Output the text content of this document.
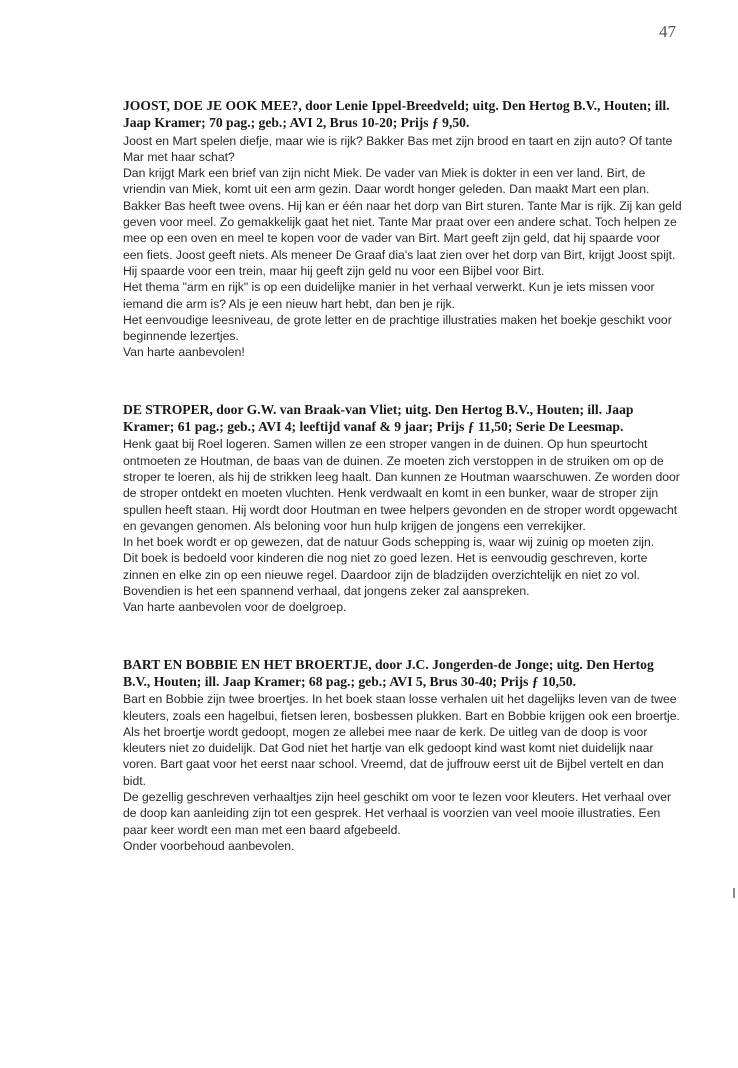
47

JOOST, DOE JE OOK MEE?, door Lenie Ippel-Breedveld; uitg. Den Hertog B.V., Houten; ill. Jaap Kramer; 70 pag.; geb.; AVI 2, Brus 10-20; Prijs ƒ 9,50.

Joost en Mart spelen diefje, maar wie is rijk? Bakker Bas met zijn brood en taart en zijn auto? Of tante Mar met haar schat?

Dan krijgt Mark een brief van zijn nicht Miek. De vader van Miek is dokter in een ver land. Birt, de vriendin van Miek, komt uit een arm gezin. Daar wordt honger geleden. Dan maakt Mart een plan. Bakker Bas heeft twee ovens. Hij kan er één naar het dorp van Birt sturen. Tante Mar is rijk. Zij kan geld geven voor meel. Zo gemakkelijk gaat het niet. Tante Mar praat over een andere schat. Toch helpen ze mee op een oven en meel te kopen voor de vader van Birt. Mart geeft zijn geld, dat hij spaarde voor een fiets. Joost geeft niets. Als meneer De Graaf dia's laat zien over het dorp van Birt, krijgt Joost spijt. Hij spaarde voor een trein, maar hij geeft zijn geld nu voor een Bijbel voor Birt.

Het thema "arm en rijk" is op een duidelijke manier in het verhaal verwerkt. Kun je iets missen voor iemand die arm is? Als je een nieuw hart hebt, dan ben je rijk.

Het eenvoudige leesniveau, de grote letter en de prachtige illustraties maken het boekje geschikt voor beginnende lezertjes.

Van harte aanbevolen!

DE STROPER, door G.W. van Braak-van Vliet; uitg. Den Hertog B.V., Houten; ill. Jaap Kramer; 61 pag.; geb.; AVI 4; leeftijd vanaf & 9 jaar; Prijs ƒ 11,50; Serie De Leesmap.

Henk gaat bij Roel logeren. Samen willen ze een stroper vangen in de duinen. Op hun speurtocht ontmoeten ze Houtman, de baas van de duinen. Ze moeten zich verstoppen in de struiken om op de stroper te loeren, als hij de strikken leeg haalt. Dan kunnen ze Houtman waarschuwen. Ze worden door de stroper ontdekt en moeten vluchten. Henk verdwaalt en komt in een bunker, waar de stroper zijn spullen heeft staan. Hij wordt door Houtman en twee helpers gevonden en de stroper wordt opgewacht en gevangen genomen. Als beloning voor hun hulp krijgen de jongens een verrekijker.

In het boek wordt er op gewezen, dat de natuur Gods schepping is, waar wij zuinig op moeten zijn.

Dit boek is bedoeld voor kinderen die nog niet zo goed lezen. Het is eenvoudig geschreven, korte zinnen en elke zin op een nieuwe regel. Daardoor zijn de bladzijden overzichtelijk en niet zo vol. Bovendien is het een spannend verhaal, dat jongens zeker zal aanspreken.

Van harte aanbevolen voor de doelgroep.

BART EN BOBBIE EN HET BROERTJE, door J.C. Jongerden-de Jonge; uitg. Den Hertog B.V., Houten; ill. Jaap Kramer; 68 pag.; geb.; AVI 5, Brus 30-40; Prijs ƒ 10,50.

Bart en Bobbie zijn twee broertjes. In het boek staan losse verhalen uit het dagelijks leven van de twee kleuters, zoals een hagelbui, fietsen leren, bosbessen plukken. Bart en Bobbie krijgen ook een broertje. Als het broertje wordt gedoopt, mogen ze allebei mee naar de kerk. De uitleg van de doop is voor kleuters niet zo duidelijk. Dat God niet het hartje van elk gedoopt kind wast komt niet duidelijk naar voren. Bart gaat voor het eerst naar school. Vreemd, dat de juffrouw eerst uit de Bijbel vertelt en dan bidt.

De gezellig geschreven verhaaltjes zijn heel geschikt om voor te lezen voor kleuters. Het verhaal over de doop kan aanleiding zijn tot een gesprek. Het verhaal is voorzien van veel mooie illustraties. Een paar keer wordt een man met een baard afgebeeld.

Onder voorbehoud aanbevolen.
